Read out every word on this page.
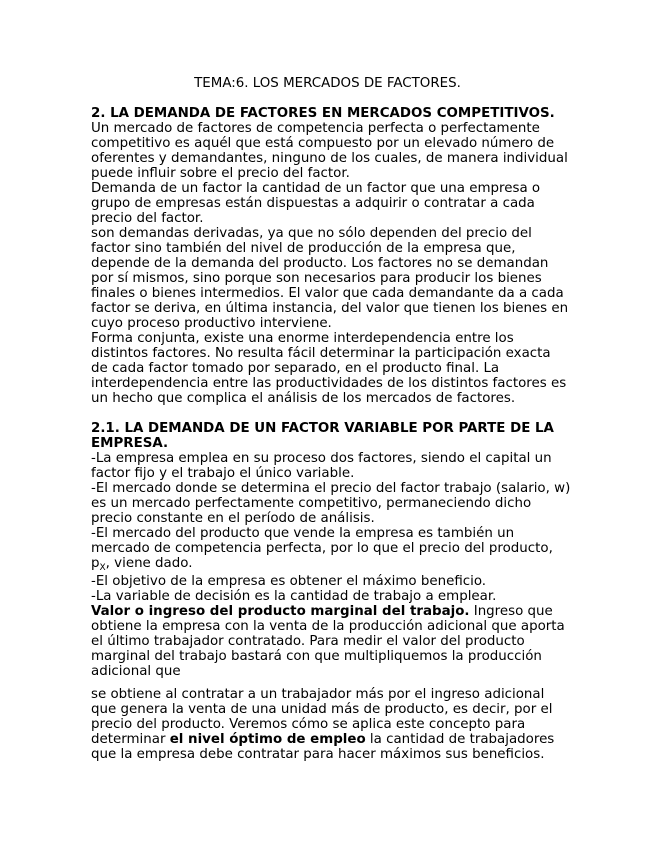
TEMA:6. LOS MERCADOS DE FACTORES.

2. LA DEMANDA DE FACTORES EN MERCADOS COMPETITIVOS.

Un mercado de factores de competencia perfecta o perfectamente competitivo es aquél que está compuesto por un elevado número de oferentes y demandantes, ninguno de los cuales, de manera individual puede influir sobre el precio del factor.

Demanda de un factor la cantidad de un factor que una empresa o grupo de empresas están dispuestas a adquirir o contratar a cada precio del factor.

son demandas derivadas, ya que no sólo dependen del precio del factor sino también del nivel de producción de la empresa que, depende de la demanda del producto. Los factores no se demandan por sí mismos, sino porque son necesarios para producir los bienes finales o bienes intermedios. El valor que cada demandante da a cada factor se deriva, en última instancia, del valor que tienen los bienes en cuyo proceso productivo interviene.

Forma conjunta, existe una enorme interdependencia entre los distintos factores. No resulta fácil determinar la participación exacta de cada factor tomado por separado, en el producto final. La interdependencia entre las productividades de los distintos factores es un hecho que complica el análisis de los mercados de factores.

2.1. LA DEMANDA DE UN FACTOR VARIABLE POR PARTE DE LA EMPRESA.

-La empresa emplea en su proceso dos factores, siendo el capital un factor fijo y el trabajo el único variable.

-El mercado donde se determina el precio del factor trabajo (salario, w) es un mercado perfectamente competitivo, permaneciendo dicho precio constante en el período de análisis.

-El mercado del producto que vende la empresa es también un mercado de competencia perfecta, por lo que el precio del producto, $p_X$, viene dado.

-El objetivo de la empresa es obtener el máximo beneficio.

-La variable de decisión es la cantidad de trabajo a emplear.

Valor o ingreso del producto marginal del trabajo. Ingreso que obtiene la empresa con la venta de la producción adicional que aporta el último trabajador contratado. Para medir el valor del producto marginal del trabajo bastará con que multipliquemos la producción adicional que

se obtiene al contratar a un trabajador más por el ingreso adicional que genera la venta de una unidad más de producto, es decir, por el precio del producto. Veremos cómo se aplica este concepto para determinar el nivel óptimo de empleo la cantidad de trabajadores que la empresa debe contratar para hacer máximos sus beneficios.
